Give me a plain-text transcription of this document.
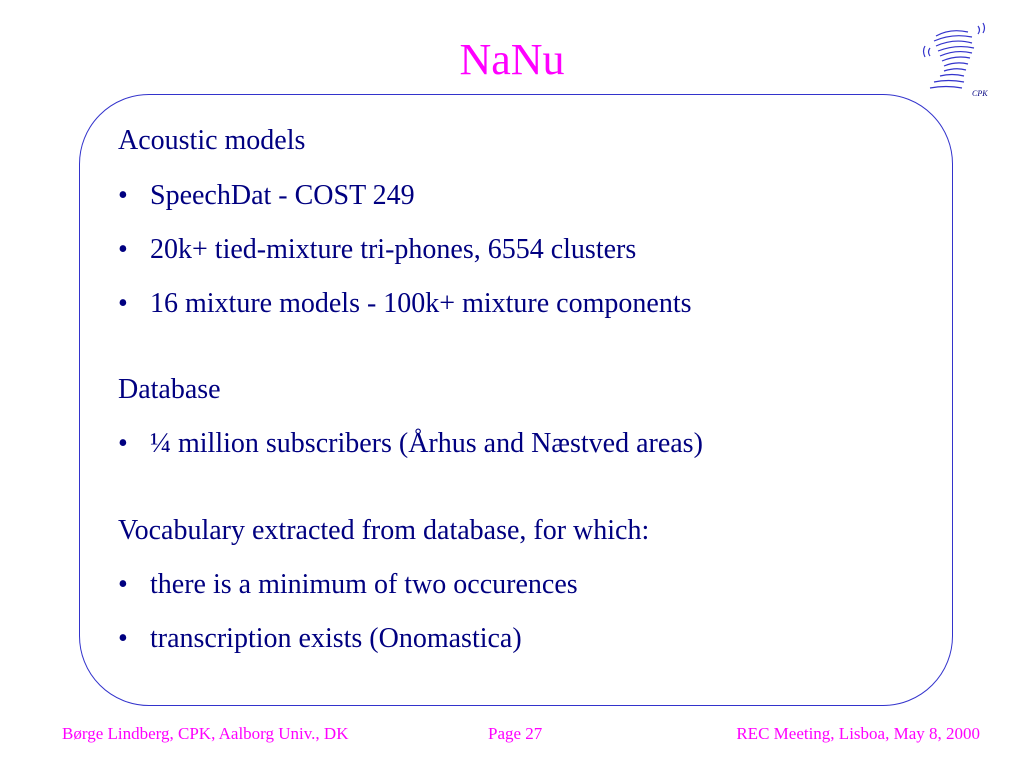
NaNu
CPK
Acoustic models
• SpeechDat - COST 249
• 20k+ tied-mixture tri-phones, 6554 clusters
• 16 mixture models - 100k+ mixture components
Database
• ¼ million subscribers (Århus and Næstved areas)
Vocabulary extracted from database, for which:
• there is a minimum of two occurences
• transcription exists (Onomastica)
Børge Lindberg, CPK, Aalborg Univ., DK	Page 27	REC Meeting, Lisboa, May 8, 2000
